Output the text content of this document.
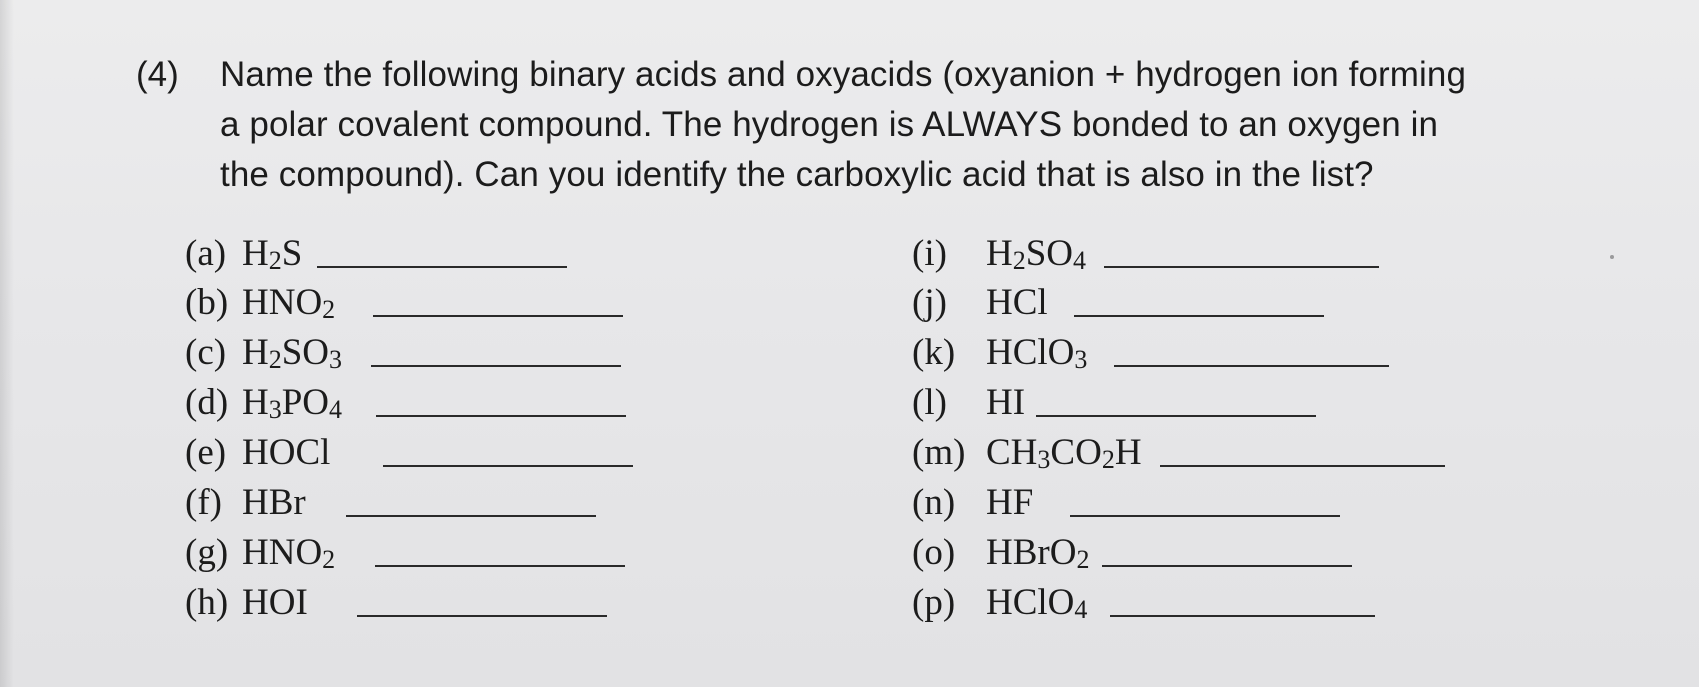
(4) Name the following binary acids and oxyacids (oxyanion + hydrogen ion forming
a polar covalent compound. The hydrogen is ALWAYS bonded to an oxygen in
the compound). Can you identify the carboxylic acid that is also in the list?
(a) $H_2S$
(b) $HNO_2$
(c) $H_2SO_3$
(d) $H_3PO_4$
(e) HOCl
(f) HBr
(g) $HNO_2$
(h) HOI
(i) $H_2SO_4$
(j) HCl
(k) HClO$_3$
(l) HI
(m) $CH_3CO_2H$
(n) HF
(o) HBrO$_2$
(p) HClO$_4$
